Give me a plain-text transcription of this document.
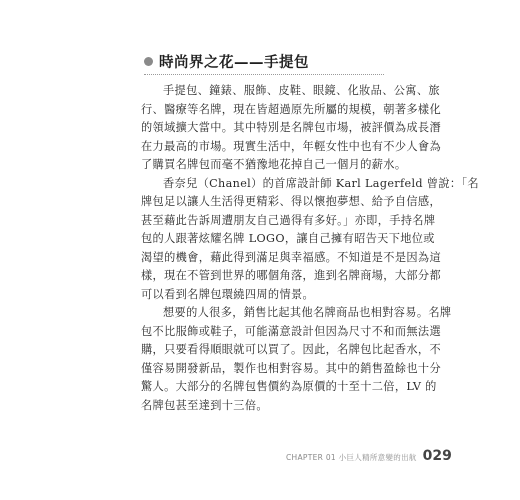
時尚界之花——手提包
手提包、鐘錶、服飾、皮鞋、眼鏡、化妝品、公寓、旅
行、醫療等名牌，現在皆超過原先所屬的規模，朝著多樣化
的領域擴大當中。其中特別是名牌包市場，被評價為成長潛
在力最高的市場。現實生活中，年輕女性中也有不少人會為
了購買名牌包而毫不猶豫地花掉自己一個月的薪水。
香奈兒（Chanel）的首席設計師 Karl Lagerfeld 曾說：「名
牌包足以讓人生活得更精彩、得以懷抱夢想、給予自信感，
甚至藉此告訴周遭朋友自己過得有多好。」亦即，手持名牌
包的人跟著炫耀名牌 LOGO，讓自己擁有昭告天下地位或
渴望的機會，藉此得到滿足與幸福感。不知道是不是因為這
樣，現在不管到世界的哪個角落，進到名牌商場，大部分都
可以看到名牌包環繞四周的情景。
想要的人很多，銷售比起其他名牌商品也相對容易。名牌
包不比服飾或鞋子，可能滿意設計但因為尺寸不和而無法選
購，只要看得順眼就可以買了。因此，名牌包比起香水，不
僅容易開發新品，製作也相對容易。其中的銷售盈餘也十分
驚人。大部分的名牌包售價約為原價的十至十二倍，LV 的
名牌包甚至達到十三倍。
CHAPTER 01 小巨人精所意變的出航 029
